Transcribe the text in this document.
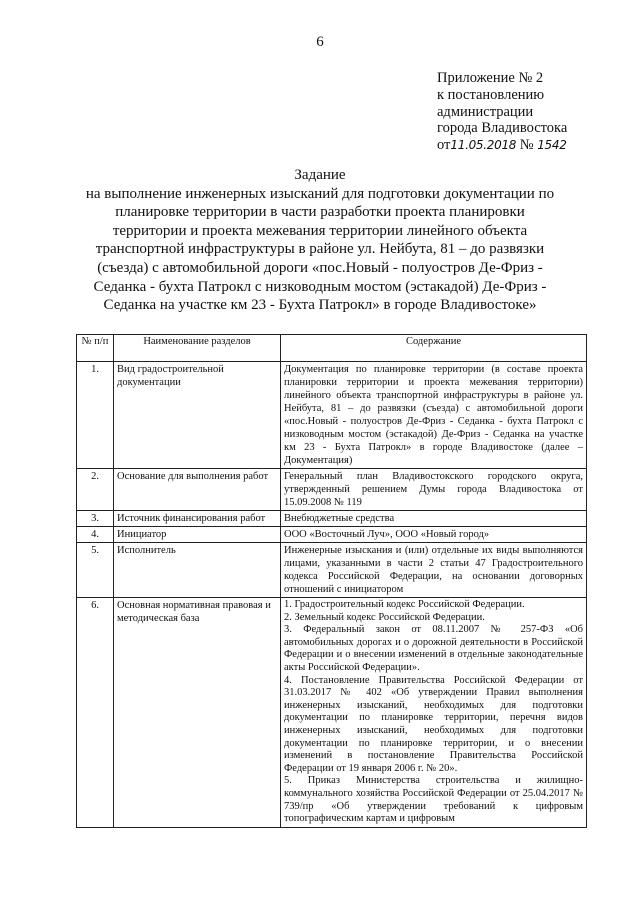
6
Приложение № 2
к постановлению
администрации
города Владивостока
от11.05.2018 № 1542
Задание
на выполнение инженерных изысканий для подготовки документации по планировке территории в части разработки проекта планировки территории и проекта межевания территории линейного объекта транспортной инфраструктуры в районе ул. Нейбута, 81 – до развязки (съезда) с автомобильной дороги «пос.Новый - полуостров Де-Фриз - Седанка - бухта Патрокл с низководным мостом (эстакадой) Де-Фриз - Седанка на участке км 23 - Бухта Патрокл» в городе Владивостоке»
№ п/п	Наименование разделов	Содержание
1.	Вид градостроительной документации	Документация по планировке территории (в составе проекта планировки территории и проекта межевания территории) линейного объекта транспортной инфраструктуры в районе ул. Нейбута, 81 – до развязки (съезда) с автомобильной дороги «пос.Новый - полуостров Де-Фриз - Седанка - бухта Патрокл с низководным мостом (эстакадой) Де-Фриз - Седанка на участке км 23 - Бухта Патрокл» в городе Владивостоке (далее – Документация)
2.	Основание для выполнения работ	Генеральный план Владивостокского городского округа, утвержденный решением Думы города Владивостока от 15.09.2008 № 119
3.	Источник финансирования работ	Внебюджетные средства
4.	Инициатор	ООО «Восточный Луч», ООО «Новый город»
5.	Исполнитель	Инженерные изыскания и (или) отдельные их виды выполняются лицами, указанными в части 2 статьи 47 Градостроительного кодекса Российской Федерации, на основании договорных отношений с инициатором
6.	Основная нормативная правовая и методическая база	1. Градостроительный кодекс Российской Федерации.

2. Земельный кодекс Российской Федерации.

3. Федеральный закон от 08.11.2007 № 257-ФЗ «Об автомобильных дорогах и о дорожной деятельности в Российской Федерации и о внесении изменений в отдельные законодательные акты Российской Федерации».

4. Постановление Правительства Российской Федерации от 31.03.2017 № 402 «Об утверждении Правил выполнения инженерных изысканий, необходимых для подготовки документации по планировке территории, перечня видов инженерных изысканий, необходимых для подготовки документации по планировке территории, и о внесении изменений в постановление Правительства Российской Федерации от 19 января 2006 г. № 20».

5. Приказ Министерства строительства и жилищно-коммунального хозяйства Российской Федерации от 25.04.2017 № 739/пр «Об утверждении требований к цифровым топографическим картам и цифровым
